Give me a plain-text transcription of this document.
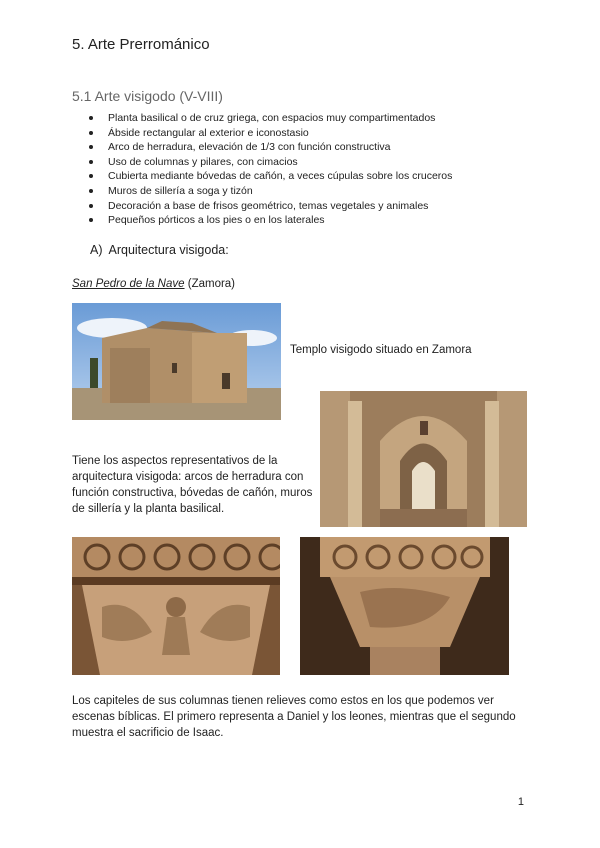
5. Arte Prerrománico
5.1 Arte visigodo (V-VIII)
Planta basilical o de cruz griega, con espacios muy compartimentados
Ábside rectangular al exterior e iconostasio
Arco de herradura, elevación de 1/3 con función constructiva
Uso de columnas y pilares, con cimacios
Cubierta mediante bóvedas de cañón, a veces cúpulas sobre los cruceros
Muros de sillería a soga y tizón
Decoración a base de frisos geométrico, temas vegetales y animales
Pequeños pórticos a los pies o en los laterales
A) Arquitectura visigoda:
San Pedro de la Nave (Zamora)
Templo visigodo situado en Zamora
Tiene los aspectos representativos de la arquitectura visigoda: arcos de herradura con función constructiva, bóvedas de cañón, muros de sillería y la planta basilical.
Los capiteles de sus columnas tienen relieves como estos en los que podemos ver escenas bíblicas. El primero representa a Daniel y los leones, mientras que el segundo muestra el sacrificio de Isaac.
1
